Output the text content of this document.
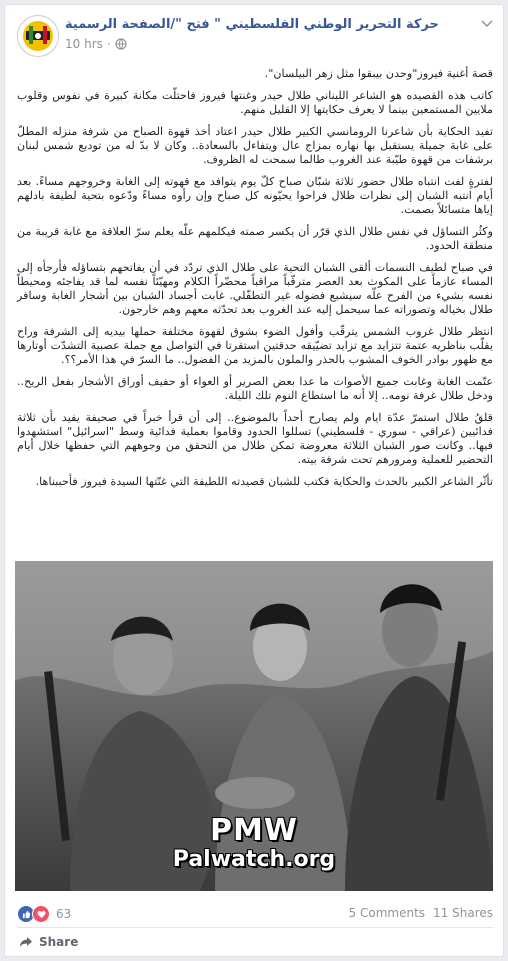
حركة التحرير الوطني الفلسطيني " فتح "/الصفحة الرسمية
10 hrs ·

قصة أغنية فيروز"وحدن بيبقوا مثل زهر البيلسان".

كاتب هذه القصيده هو الشاعر اللبناني طلال حيدر وغنتها فيروز فاحتلّت مكانة كبيرة في نفوس وقلوب ملايين المستمعين بينما لا يعرف حكايتها إلا القليل منهم.

تفيد الحكاية بأن شاعرنا الرومانسي الكبير طلال حيدر اعتاد أخذ قهوة الصباح من شرفة منزله المطلّ على غابة جميلة يستقبل بها نهاره بمزاج عال ويتفاءل بالسعادة.. وكان لا بدّ له من توديع شمس لبنان برشفات من قهوة طيّبة عند الغروب طالما سمحت له الظروف.

لفترةٍ لفت انتباه طلال حضور ثلاثة شبّان صباح كلّ يوم يتوافد مع قهوته إلى الغابة وخروجهم مساءً. بعد أيام انتبه الشبان إلى نظرات طلال فراحوا يحيّونه كل صباح وإن رأوه مساءً ودّعوه بتحية لطيفة بادلهم إياها متسائلاً بصمت.

وكثُر التساؤل في نفس طلال الذي قرّر أن يكسر صمته فيكلمهم علّه يعلم سرّ العلاقة مع غابة قريبة من منطقة الحدود.

في صباح لطيف النسمات ألقى الشبان التحية على طلال الذي تردّد في أن يفاتحهم بتساؤله فأرجأه إلى المساء عازماً على المكوث بعد العصر مترقّباً مراقباً محضّراً الكلام ومهيّئاً نفسه لما قد يفاجئه ومحيطاً نفسه بشيء من الفرح علّه سيشبع فضوله غير التطفّلي. غابت أجساد الشبان بين أشجار الغابة وسافر طلال بخياله وتصوراته عما سيحمل إليه عند الغروب بعد تحدّثه معهم وهم خارجون.

انتظر طلال غروب الشمس يترقّب وأفول الضوء بشوق لقهوة مختلفة حملها بيديه إلى الشرفة وراح يقلّب بناظريه عتمة تتزايد مع تزايد تضيّيقه حدقتين استقرتا في التواصل مع جملة عصبية التشدّت أوتارها مع ظهور بوادر الخوف المشوب بالحذر والملون بالمزيد من الفضول.. ما السرّ في هذا الأمر؟؟.

عتّمت الغابة وغابت جميع الأصوات ما عدا بعض الصرير أو العواء أو حفيف أوراق الأشجار بفعل الريح.. ودخل طلال غرفة نومه.. إلا أنه ما استطاع النوم تلك الليلة.

قلقُ طلال استمرّ عدّة ايام ولم يصارح أحداً بالموضوع.. إلى أن قرأ خبراً في صحيفة يفيد بأن ثلاثة فدائيين (عراقي - سوري - فلسطيني) تسللوا الحدود وقاموا بعملية فدائية وسط "اسرائيل" استشهدوا فيها.. وكانت صور الشبان الثلاثة معروضة تمكن طلال من التحقق من وجوههم التي حفظها خلال أيام التحضير للعملية ومرورهم تحت شرفة بيته.

تأثّر الشاعر الكبير بالحدث والحكاية فكتب للشبان قصيدته اللطيفة التي غنّتها السيدة فيروز فأحببناها.

PMW
Palwatch.org
63	5 Comments 11 Shares
Share
